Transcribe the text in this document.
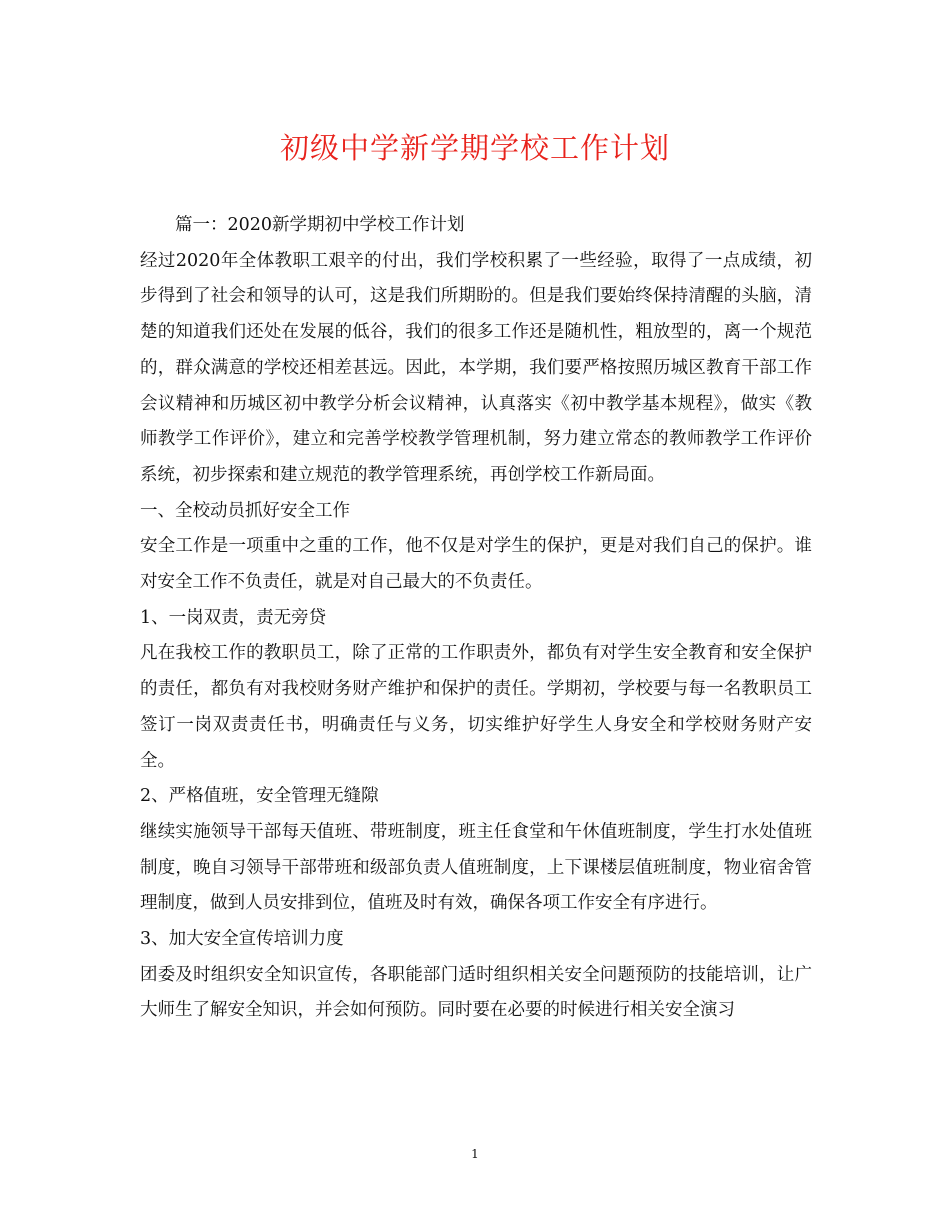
初级中学新学期学校工作计划

篇一：2020新学期初中学校工作计划

经过2020年全体教职工艰辛的付出，我们学校积累了一些经验，取得了一点成绩，初步得到了社会和领导的认可，这是我们所期盼的。但是我们要始终保持清醒的头脑，清楚的知道我们还处在发展的低谷，我们的很多工作还是随机性，粗放型的，离一个规范的，群众满意的学校还相差甚远。因此，本学期，我们要严格按照历城区教育干部工作会议精神和历城区初中教学分析会议精神，认真落实《初中教学基本规程》，做实《教师教学工作评价》，建立和完善学校教学管理机制，努力建立常态的教师教学工作评价系统，初步探索和建立规范的教学管理系统，再创学校工作新局面。

一、全校动员抓好安全工作

安全工作是一项重中之重的工作，他不仅是对学生的保护，更是对我们自己的保护。谁对安全工作不负责任，就是对自己最大的不负责任。

1、一岗双责，责无旁贷

凡在我校工作的教职员工，除了正常的工作职责外，都负有对学生安全教育和安全保护的责任，都负有对我校财务财产维护和保护的责任。学期初，学校要与每一名教职员工签订一岗双责责任书，明确责任与义务，切实维护好学生人身安全和学校财务财产安全。

2、严格值班，安全管理无缝隙

继续实施领导干部每天值班、带班制度，班主任食堂和午休值班制度，学生打水处值班制度，晚自习领导干部带班和级部负责人值班制度，上下课楼层值班制度，物业宿舍管理制度，做到人员安排到位，值班及时有效，确保各项工作安全有序进行。

3、加大安全宣传培训力度

团委及时组织安全知识宣传，各职能部门适时组织相关安全问题预防的技能培训，让广大师生了解安全知识，并会如何预防。同时要在必要的时候进行相关安全演习

1
